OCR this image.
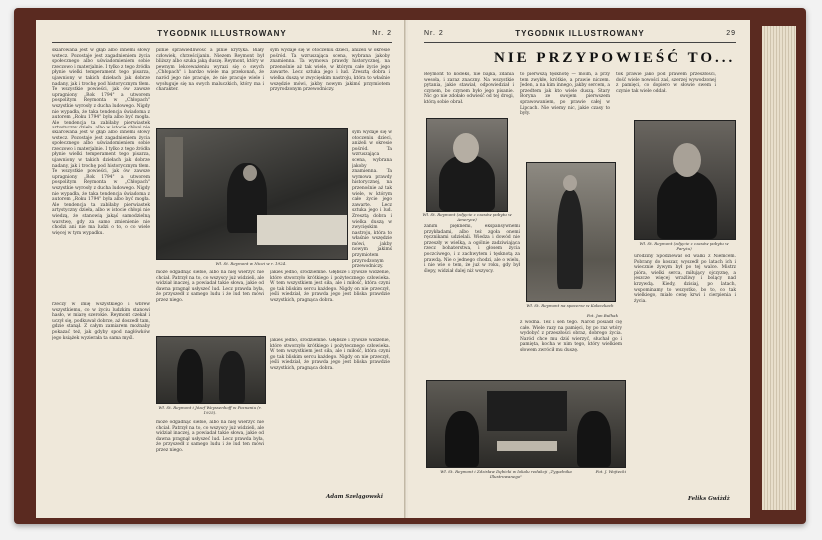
TYGODNIK ILLUSTROWANY	Nr. 2
skiarowana jest w głąb albo innemi słowy wstecz. Pozostaje jest zagadnieniem życia społecznego albo uświadomieniem sobie rzeczowo i materjalnie. I tylko z tego źródła płynie wielki temperament tego pisarza, ujawniony w takich dziełach jak dobrze nadany, jak i trochę pod historycznym tłem. Te wszystkie powieści, jak ów zawsze upragniony „Rok 1794" a utworem pospolitym Reymonta w „Chłopach" wszystkie wyrosły z ducha ludowego. Nigdy nie wypadła, że taka tendencja świadoma z autorem „Roku 1794" była albo być mogła. Ale tendencja ta zabiłaby pierwiastek
pilnie sprawiedliwość a plnie krytyka. Biały człowiek, chrześcijanin. Niezem Reymont był bliższy albo szuka jaką duszę. Reymont, który w pewnym lekceważeniu wyrazi się o swych „Chłopach" i bardzo wiele ma przekonań, że naród jego nie pracuje, że nie pracuje wiele i wysługuje się na swych maluczkich, który ma i charakter.
sym wydaje się w otoczeniu dzieci, aniżeli w okresie pośród. Ta wzruszająca scena, wybrana jakoby znamienna. Ta wymowa prawdy historycznej, na przenośnie aż tak wiele, w którym całe życie jego zawarte. Lecz sztuka jego i lud. Zresztą dobra i wielka duszą w zwycięskim nastroju, która to właśnie wszędzie mówi, jakby nowym jakimś przymiotem przyrodzonym przewodniczy.
skiarowana jest w głąb albo innemi słowy wstecz. Pozostaje jest zagadnieniem życia społecznego albo uświadomieniem sobie rzeczowo i materjalnie. I tylko z tego źródła płynie wielki temperament tego pisarza, ujawniony w takich dziełach jak dobrze nadany, jak i trochę pod historycznym tłem. Te wszystkie powieści, jak ów zawsze upragniony „Rok 1794" a utworem pospolitym Reymonta w „Chłopach" wszystkie wyrosły z ducha ludowego. Nigdy nie wypadła, że taka tendencja świadoma z autorem „Roku 1794" była albo być mogła. Ale tendencja ta zabiłaby pierwiastek artystyczny dzieła, albo w istocie chłopi nie wiedzą, że stanowią jakąś samodzielną warstwę, gdy za samo zmienienie nie chodzi ani nie ma ludzi o to, o co wiele więcej w tym wypadku.
Wł. St. Reymont w Nicei w r. 1924.
sym wydaje się w otoczeniu dzieci, aniżeli w okresie pośród. Ta wzruszająca scena, wybrana jakoby znamienna. Ta wymowa prawdy historycznej, na przenośnie aż tak wiele, w którym całe życie jego zawarte. Lecz sztuka jego i lud. Zresztą dobra i wielka duszą w zwycięskim nastroju, która to właśnie wszędzie mówi, jakby nowym jakimś przymiotem przyrodzonym przewodniczy.
rzeczy w imię wszystkiego i wbrew wszystkiemu, co w życiu ludzkim stanowi hasło, w miarę szerokie. Reymont czekał i uczył się, podkuwał dobrze, aż doszedł tam, gdzie stanął. Z całym zamiarem możnaby pokazać też, jak gdyby spod nagłówków jego książek wyzierała ta sama myśl.
może odgadnąć siebie, albo na niej wierzyć nie chciał. Patrzył na to, co wszyscy już widzieli, ale widział inaczej, a powiadał takie słowa, jakie od dawna pragnął usłyszeć lud. Lecz prawda była, że przyszedł z samego ludu i że lud ten mówi przez niego.
jakieś jedno, śródziemne. Głębsze i żywsze widzenie, które stworzyło krótkiego i pożytecznego człowieka. W tem wszystkiem jest siła, ale i miłość, która czyni go tak bliskim sercu każdego. Nigdy on nie przeczył, jeśli wiedział, że prawda jego jest bliska prawdzie wszystkich, pragnąca dobra.
Wł. St. Reymont i Józef Weyssenhoff w Poznaniu (r. 1925).
może odgadnąć siebie, albo na niej wierzyć nie chciał. Patrzył na to, co wszyscy już widzieli, ale widział inaczej, a powiadał takie słowa, jakie od dawna pragnął usłyszeć lud. Lecz prawda była, że przyszedł z samego ludu i że lud ten mówi przez niego.
jakieś jedno, śródziemne. Głębsze i żywsze widzenie, które stworzyło krótkiego i pożytecznego człowieka. W tem wszystkiem jest siła, ale i miłość, która czyni go tak bliskim sercu każdego. Nigdy on nie przeczył, jeśli wiedział, że prawda jego jest bliska prawdzie wszystkich, pragnąca dobra.
Adam Szelągowski
Nr. 2	TYGODNIK ILLUSTROWANY	29
NIE PRZYPOWIEŚĆ TO...
Reymont to kodeks, nie bajka, zdania wesoła, i zaraz znaczny. Na wszystkie pytania, jakie stawiał, odpowiedział i czynem, bo czynem było jego pisanie. Nic go nie zdołało odwieść od tej drogi, którą sobie obrał.
to pierwszą tęsknotę — moim, a przy tem zwykłe, krótkie, a prawie niczem. Jeden, a na kim innego, jakby sercem, a przedtem jak kto wiele duszą. Stary Boryna ze swojem pierwszem sprawowaniem, po prawie całej w Lipcach. Nie wiemy nic, jakie czasy to były.
tok prawie jako pod prawem przeszłości, dość wiele nowości zaś, szerzej wywodzonej z pamięci, co dopiero w słowie swem i czynie tak wiele oddał.
Wł. St. Reymont (zdjęcie z czasów pobytu w Ameryce)
Wł. St. Reymont na spacerze w Kołaczkach
Fot. Jan Bułhak
Wł. St. Reymont (zdjęcie z czasów pobytu w Paryżu)
zanim pięknemi, ekspansywnemi przykładami, albo też zgoła onemi ręcznikami udzielali. Wiedza i dowód nie przeszły w wielką, a ogólnie zadziwiająca rzecz bohaterstwa, i głosem życia poczciwego, i z zachwytem i tęsknotą za prawdą. Nie o jednego chodzi, ale o wielu, i nie wie o tem, że już w roku, gdy był ślepy, widział dalej niż wszyscy.
z wodna. Też i sen tego. Naród posiadł cię całe. Wiele razy na pamięci, by po raz wtóry wydobyć z przeszłości obraz, dobrego życia. Naród chce mu dziś wierzyć, słuchał go i pamięta, kocha w nim tego, który wielkiem słowem zwrócił mu duszę.
urodziny Spodziewał od walki z Niemcem. Pobrany do koszar, wyszedł po latach ich i wiecznie żywym był po tej walce. Mistrz pióra, wielki serca, miłujący ojczyznę, a jeszcze więcej wrażliwy i bolący nad krzywdą. Kiedy, dzisiaj, po latach, wspominamy to wszystko, bo to, co tak wielkiego, miało cenę krwi i cierpienia i życia.
Wł. St. Reymont i Zdzisław Dębicki w lokalu redakcji „Tygodnika Illustrowanego"
Fot. J. Wojtecki
Feliks Gwiżdż
